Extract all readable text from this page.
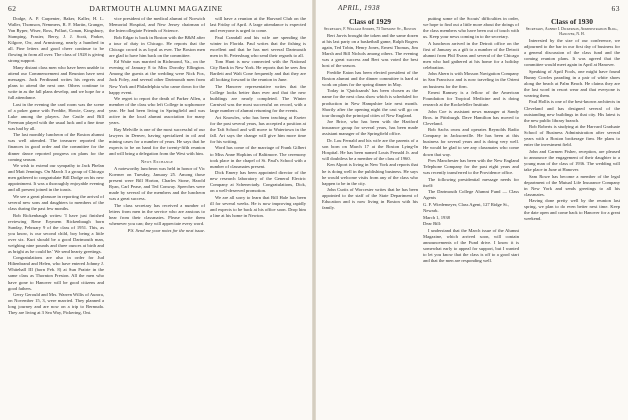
62	DARTMOUTH ALUMNI MAGAZINE

Dodge, A. P. Carpenter, Baker, Kaller, H. L. Waller, Thomson, Nemmers, R. F. Martin, Granger, Van Ryper, Wiser, Ross, Pollart, Conan, Kingsbury, Stamping, Frasier, Berry, J. J. Scott, Parker, Kilgore, Orr, and Armstrong, nearly a hundred in all. Fine letters and good cheer continue to be flowing in from all over. The class of 1928 is giving strong support.

Many distant class men who have been unable to attend our Commencement and Reunion have sent messages. Jack Ferdinand writes his regrets and plans to attend the next one. Others continue to write in as the fall plans develop, and we hope for a full attendance.

Last in the evening the card room was the scene of a poker game with Freddie, Howie, Casey, and Luke among the players. Joe Castle and Bill Freeman played with the usual luck and a fine time was had by all.

The last monthly luncheon of the Boston alumni was well attended. The treasurer reported the finances in good order and the committee for the dinner dance reported progress on plans for the coming season.

We wish to extend our sympathy to Jack Phelan and Matt Jennings. On March 3 a group of Chicago men gathered to congratulate Bill Dodge on his new appointment. It was a thoroughly enjoyable evening and all present joined in the toasts.

We see a great pleasure in reporting the arrival of several new sons and daughters to members of the class during the past few months.

Bob Rickenbaugh writes: 'I have just finished reviewing Rene Erymem Rickenbaugh born Sunday, February 9 of the class of 1951. This, as you know, is our second child, boy being a little over six. Kurt should be a good Dartmouth man, weighing nine pounds and three ounces at birth and as bright as he could be.' We send hearty greetings.

Congratulations are also in order for Jud Hiltenbrand and Helen, who have entered Johnny J. Whitehall III (born Feb. 8) at Sun Prairie in the same class as Thornton Freston. All the men who have gone to Hanover will be good citizens and good fathers.

Gerry Gerould and Mrs. Warren Willis of Aurora, on November 15, 3, were married. They planned a long journey and are now on a trip to Bermuda. They are living at 3 Sea Way, Pickering, Ont.

vice president of the medical alumni of Norwich Memorial Hospital, and New Jersey chairman of the Intercollegiate Friends of Science.

Bob Edgar is back in Boston with the B&M after a tour of duty in Chicago. He reports that the Chicago crowd is as loyal as ever. The Boston men are glad to have him back on the committee.

Ed Waite was married in Richmond, Va., on the evening of January 8 to Miss Dorothy Ellington. Among the guests at the wedding were Nick Fox, Jack Foley, and several other Dartmouth men from New York and Philadelphia who came down for the happy event.

We regret to report the death of Parker Allen, a member of the class who left College in sophomore year. He had been living in Springfield and was active in the local alumni association for many years.

Ray Melville is one of the most successful of our lawyers in Denver, having specialized in oil and mining cases for a number of years. He says that he expects to be on hand for the twenty-fifth reunion and will bring a delegation from the West with him.

News Exchange

A noteworthy luncheon was held in honor of Vic Koerner on Tuesday, January 25. Among those present were Bill Horton, Charles Stone, Harold Ryan, Carl Pease, and Ted Conway. Speeches were made by several of the members and the luncheon was a great success.

The class secretary has received a number of letters from men in the service who are anxious to hear from their classmates. Please write them whenever you can; they will appreciate every word.

P.S. Send me your notes for the next issue.

will have a reunion at the Harvard Club on the last Friday of April. A large attendance is expected and everyone is urged to come.

Paul Crandall and his wife are spending the winter in Florida. Paul writes that the fishing is excellent and that he has met several Dartmouth men in St. Petersburg who send their regards to all.

Tom Hunt is now connected with the National City Bank in New York. He reports that he sees Jim Bartlett and Walt Cone frequently and that they are all looking forward to the reunion in June.

The Hanover representative writes that the College looks better than ever and that the new buildings are nearly completed. The Winter Carnival was the most successful on record, with a large number of alumni returning for the events.

Art Knowles, who has been teaching at Exeter for the past several years, has accepted a position at the Taft School and will move to Watertown in the fall. Art says the change will give him more time for his writing.

Word has come of the marriage of Frank Gilbert to Miss Anne Hopkins of Baltimore. The ceremony took place in the chapel of St. Paul's School with a number of classmates present.

Dick Emery has been appointed director of the new research laboratory of the General Electric Company at Schenectady. Congratulations, Dick, on a well-deserved promotion.

We are all sorry to learn that Bill Hale has been ill for several weeks. He is now improving rapidly and expects to be back at his office soon. Drop him a line at his home in Newton.

APRIL, 1938	63

Class of 1929

Secretary, F. William Andres, 73 Tremont St., Boston

Bert Jarvis brought the token and the same dozen at his last party on a basketball game, Ralph Rogers again, Ted Tobin, Henry Jones, Ernest Thomas, Jim Marsh and Bill Nichols among others. The evening was a great success and Bert was voted the best host of the season.

Freddie Eaton has been elected president of the Boston alumni and the dinner committee is hard at work on plans for the spring dinner in May.

Today in 'Quicksands' has been chosen as the name for the next class show which is scheduled for production in New Hampshire late next month. Shortly after the opening night the cast will go on tour through the principal cities of New England.

Joe Brice, who has been with the Hartford insurance group for several years, has been made assistant manager of the Springfield office.

Dr. Lou Fernald and his wife are the parents of a son born on March 17 at the Boston Lying-In Hospital. He has been named Louis Fernald Jr. and will doubtless be a member of the class of 1960.

Ken Alport is living in New York and reports that he is doing well in the publishing business. He says he would welcome visits from any of the class who happen to be in the city.

John Curtis of Worcester writes that he has been appointed to the staff of the State Department of Education and is now living in Boston with his family.

putting some of the Scouts' difficulties in order, we hope to find out a little more about the doings of the class members who have been out of touch with us. Keep your news coming in to the secretary.

A luncheon arrived in the Detroit office on the first of January as a gift to a number of the Detroit alumni from Phil Evans and several of the Chicago men who had gathered at his home for a holiday celebration.

John Ahern is with Mosson Navigation Company in San Francisco and is now traveling in the Orient on business for the firm.

Ernest Ramsey is a fellow of the American Foundation for Tropical Medicine and is doing research at the Rockefeller Institute.

John Coe is assistant news manager at Sandy Bros. in Pittsburgh. Dave Hamilton has moved to Cleveland.

Bob Sachs owns and operates Reynolds Radio Company in Jacksonville. He has been at this business for several years and is doing very well. He would be glad to see any classmates who come down that way.

Pres Manchester has been with the New England Telephone Company for the past eight years and was recently transferred to the Providence office.

The following presidential message needs for itself:

The Dartmouth College Alumni Fund — Class Agents

G. F. Wiedemeyer, Class Agent, 127 Ridge St., Newark.

March 1, 1938

Dear Bill:

I understand that the March issue of the Alumni Magazine, which arrived soon, will contain announcements of the Fund drive. I know it is somewhat early to appeal for support, but I wanted to let you know that the class is off to a good start and that the men are responding well.

Class of 1930

Secretary, Albert I. Dickerson, Administration Bldg., Hanover, N. H.

Interested by the size of our conference, we adjourned to the bar in our first day of business for a general discussion of the class fund and the coming reunion plans. It was agreed that the committee would meet again in April at Hanover.

Speaking of April Fools, one might have found Bunny Cowles parading in a pair of white shoes along the beach at Palm Beach. He claims they are the last word in resort wear and that everyone is wearing them.

Paul Hollis is one of the best-known architects in Cleveland and has designed several of the outstanding new buildings in that city. His latest is the new public library branch.

Bob Roberts is studying at the Harvard Graduate School of Business Administration after several years with a Boston brokerage firm. He plans to enter the investment field.

John and Carmen Fisher, reception, are pleased to announce the engagement of their daughter to a young man of the class of 1936. The wedding will take place in June at Hanover.

Sam Rowe has become a member of the legal department of the Mutual Life Insurance Company in New York and sends greetings to all his classmates.

Having done pretty well by the reunion last spring, we plan to do even better next time. Keep the date open and come back to Hanover for a great weekend.
